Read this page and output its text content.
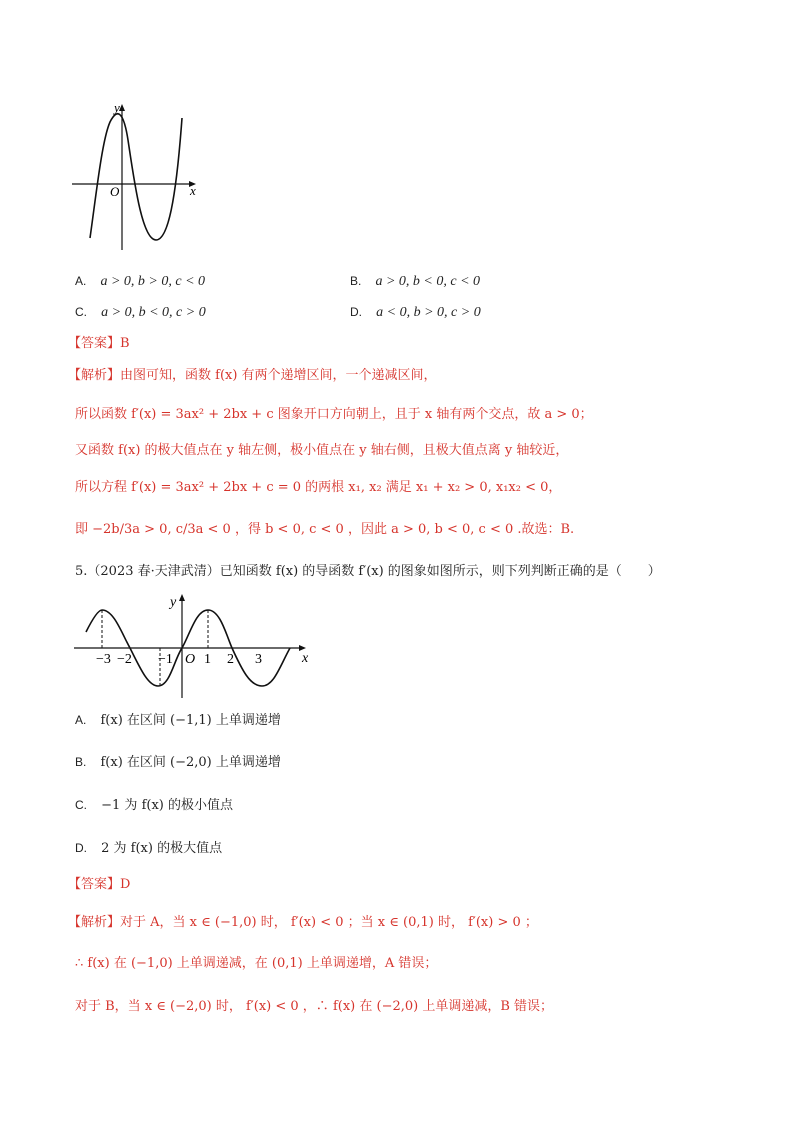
y
O	x
A. a > 0, b > 0, c < 0	B. a > 0, b < 0, c < 0
C. a > 0, b < 0, c > 0	D. a < 0, b > 0, c > 0
【答案】B
【解析】由图可知，函数 f(x) 有两个递增区间，一个递减区间，
所以函数 f′(x) = 3ax² + 2bx + c 图象开口方向朝上，且于 x 轴有两个交点，故 a > 0；
又函数 f(x) 的极大值点在 y 轴左侧，极小值点在 y 轴右侧，且极大值点离 y 轴较近，
所以方程 f′(x) = 3ax² + 2bx + c = 0 的两根 x₁, x₂ 满足 x₁ + x₂ > 0, x₁x₂ < 0，
即 −2b/3a > 0, c/3a < 0 ，得 b < 0, c < 0 ，因此 a > 0, b < 0, c < 0 .故选：B.
5.（2023 春·天津武清）已知函数 f(x) 的导函数 f′(x) 的图象如图所示，则下列判断正确的是（　　）
y
−3 −2 −1 O 1 2 3	x
A. f(x) 在区间 (−1,1) 上单调递增
B. f(x) 在区间 (−2,0) 上单调递增
C. −1 为 f(x) 的极小值点
D. 2 为 f(x) 的极大值点
【答案】D
【解析】对于 A，当 x ∈ (−1,0) 时， f′(x) < 0 ；当 x ∈ (0,1) 时， f′(x) > 0 ；
∴ f(x) 在 (−1,0) 上单调递减，在 (0,1) 上单调递增，A 错误；
对于 B，当 x ∈ (−2,0) 时， f′(x) < 0 ，∴ f(x) 在 (−2,0) 上单调递减，B 错误；
